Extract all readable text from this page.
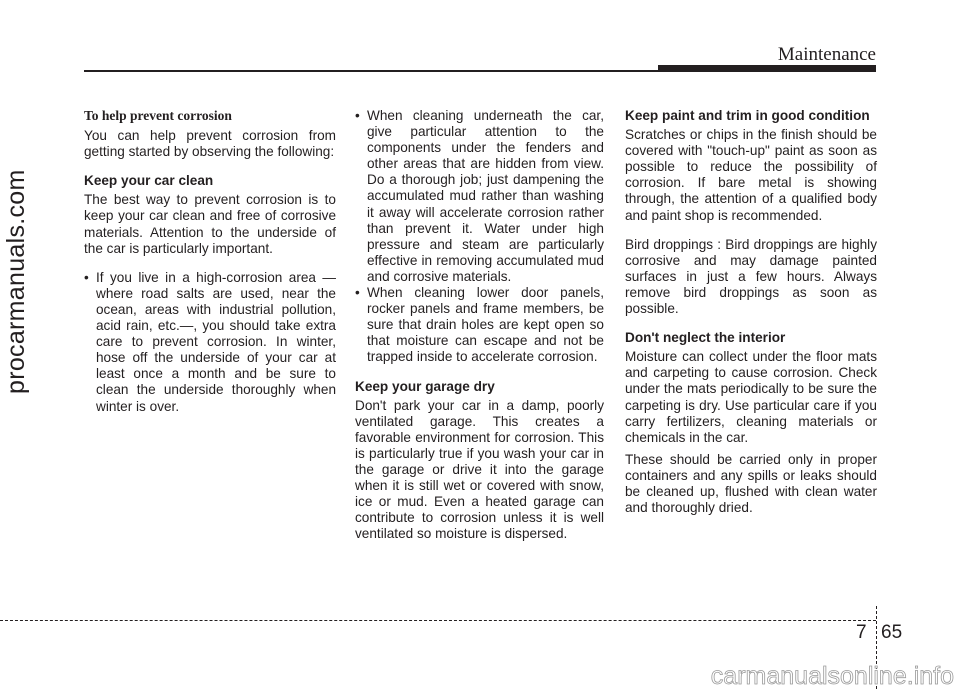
Maintenance
procarmanuals.com

To help prevent corrosion

You can help prevent corrosion from getting started by observing the following:

Keep your car clean

The best way to prevent corrosion is to keep your car clean and free of corrosive materials. Attention to the underside of the car is particularly important.

• If you live in a high-corrosion area — where road salts are used, near the ocean, areas with industrial pollution, acid rain, etc.—, you should take extra care to prevent corrosion. In winter, hose off the underside of your car at least once a month and be sure to clean the underside thoroughly when winter is over.

• When cleaning underneath the car, give particular attention to the components under the fenders and other areas that are hidden from view. Do a thorough job; just dampening the accumulated mud rather than washing it away will accelerate corrosion rather than prevent it. Water under high pressure and steam are particularly effective in removing accumulated mud and corrosive materials.

• When cleaning lower door panels, rocker panels and frame members, be sure that drain holes are kept open so that moisture can escape and not be trapped inside to accelerate corrosion.

Keep your garage dry

Don't park your car in a damp, poorly ventilated garage. This creates a favorable environment for corrosion. This is particularly true if you wash your car in the garage or drive it into the garage when it is still wet or covered with snow, ice or mud. Even a heated garage can contribute to corrosion unless it is well ventilated so moisture is dispersed.

Keep paint and trim in good condition

Scratches or chips in the finish should be covered with "touch-up" paint as soon as possible to reduce the possibility of corrosion. If bare metal is showing through, the attention of a qualified body and paint shop is recommended.

Bird droppings : Bird droppings are highly corrosive and may damage painted surfaces in just a few hours. Always remove bird droppings as soon as possible.

Don't neglect the interior

Moisture can collect under the floor mats and carpeting to cause corrosion. Check under the mats periodically to be sure the carpeting is dry. Use particular care if you carry fertilizers, cleaning materials or chemicals in the car.

These should be carried only in proper containers and any spills or leaks should be cleaned up, flushed with clean water and thoroughly dried.

7 65
carmanualsonline.info
